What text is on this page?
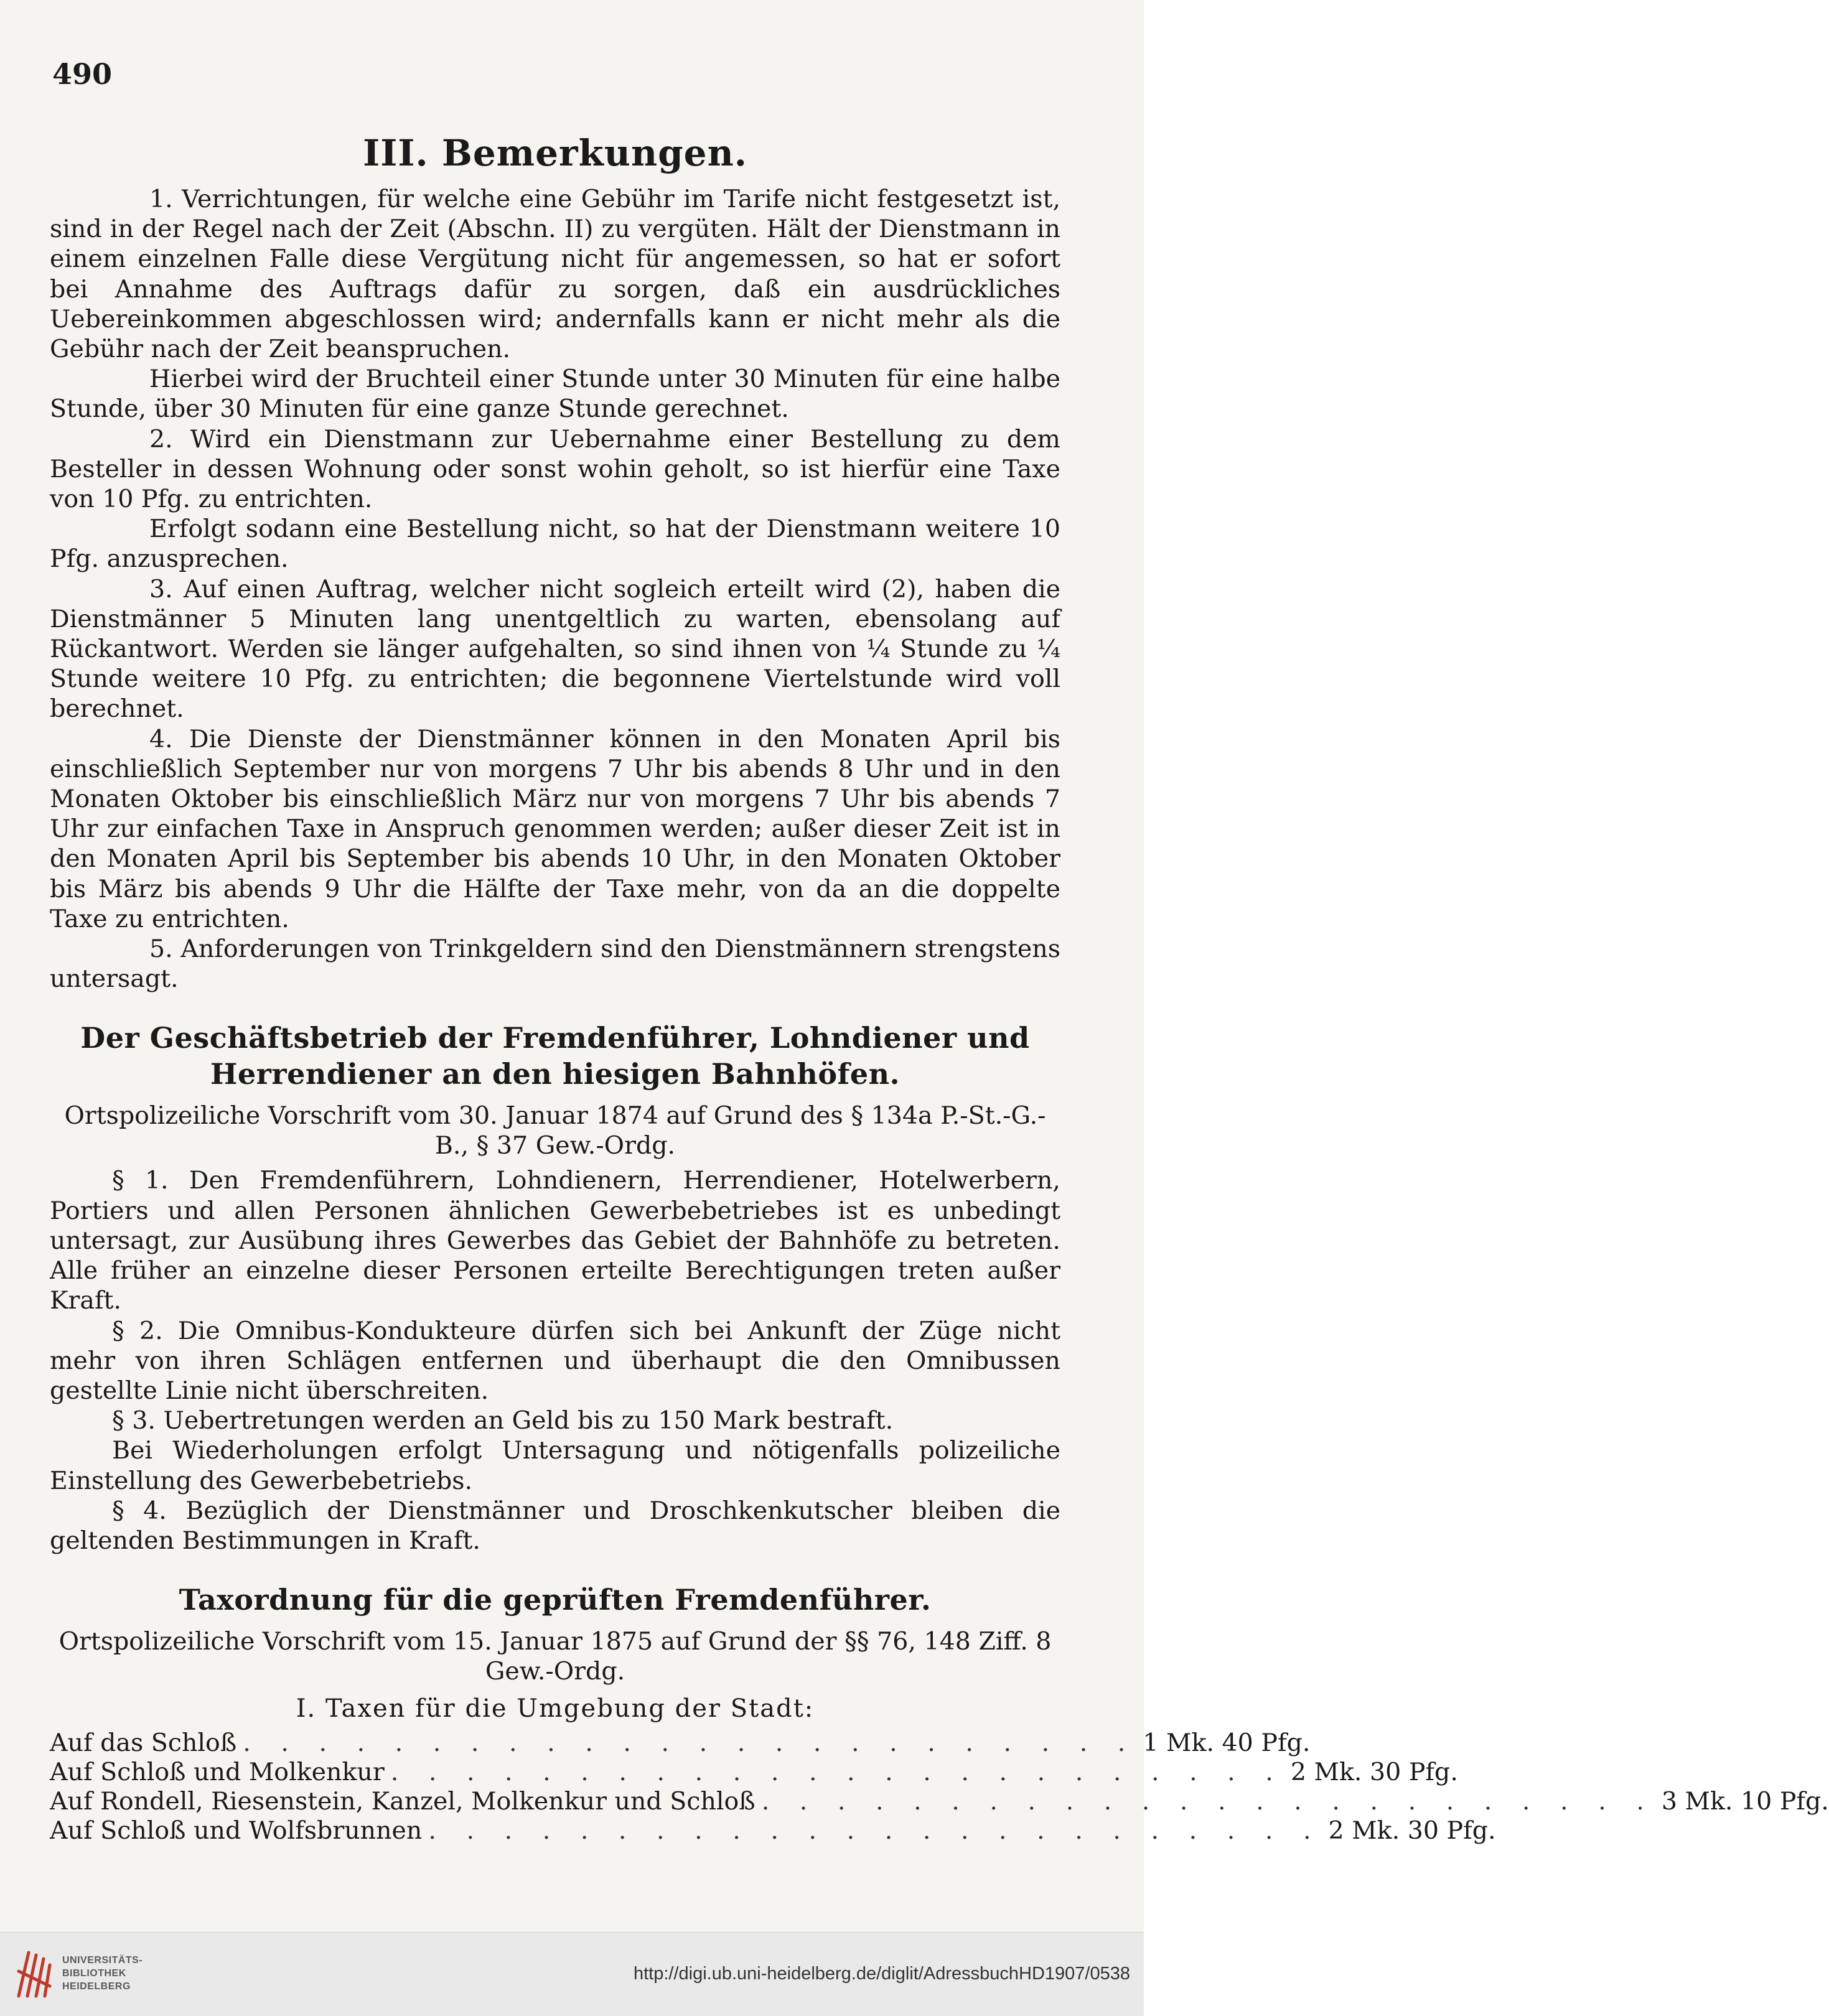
490
III. Bemerkungen.

1. Verrichtungen, für welche eine Gebühr im Tarife nicht festgesetzt ist, sind in der Regel nach der Zeit (Abschn. II) zu vergüten. Hält der Dienstmann in einem einzelnen Falle diese Vergütung nicht für angemessen, so hat er sofort bei Annahme des Auftrags dafür zu sorgen, daß ein ausdrückliches Uebereinkommen abgeschlossen wird; andernfalls kann er nicht mehr als die Gebühr nach der Zeit beanspruchen.

Hierbei wird der Bruchteil einer Stunde unter 30 Minuten für eine halbe Stunde, über 30 Minuten für eine ganze Stunde gerechnet.

2. Wird ein Dienstmann zur Uebernahme einer Bestellung zu dem Besteller in dessen Wohnung oder sonst wohin geholt, so ist hierfür eine Taxe von 10 Pfg. zu entrichten.

Erfolgt sodann eine Bestellung nicht, so hat der Dienstmann weitere 10 Pfg. anzusprechen.

3. Auf einen Auftrag, welcher nicht sogleich erteilt wird (2), haben die Dienstmänner 5 Minuten lang unentgeltlich zu warten, ebensolang auf Rückantwort. Werden sie länger aufgehalten, so sind ihnen von ¼ Stunde zu ¼ Stunde weitere 10 Pfg. zu entrichten; die begonnene Viertelstunde wird voll berechnet.

4. Die Dienste der Dienstmänner können in den Monaten April bis einschließlich September nur von morgens 7 Uhr bis abends 8 Uhr und in den Monaten Oktober bis einschließlich März nur von morgens 7 Uhr bis abends 7 Uhr zur einfachen Taxe in Anspruch genommen werden; außer dieser Zeit ist in den Monaten April bis September bis abends 10 Uhr, in den Monaten Oktober bis März bis abends 9 Uhr die Hälfte der Taxe mehr, von da an die doppelte Taxe zu entrichten.

5. Anforderungen von Trinkgeldern sind den Dienstmännern strengstens untersagt.

Der Geschäftsbetrieb der Fremdenführer, Lohndiener und
Herrendiener an den hiesigen Bahnhöfen.
Ortspolizeiliche Vorschrift vom 30. Januar 1874 auf Grund des § 134a P.-St.-G.-B., § 37 Gew.-Ordg.

§ 1. Den Fremdenführern, Lohndienern, Herrendiener, Hotelwerbern, Portiers und allen Personen ähnlichen Gewerbebetriebes ist es unbedingt untersagt, zur Ausübung ihres Gewerbes das Gebiet der Bahnhöfe zu betreten. Alle früher an einzelne dieser Personen erteilte Berechtigungen treten außer Kraft.

§ 2. Die Omnibus-Kondukteure dürfen sich bei Ankunft der Züge nicht mehr von ihren Schlägen entfernen und überhaupt die den Omnibussen gestellte Linie nicht überschreiten.

§ 3. Uebertretungen werden an Geld bis zu 150 Mark bestraft.

Bei Wiederholungen erfolgt Untersagung und nötigenfalls polizeiliche Einstellung des Gewerbebetriebs.

§ 4. Bezüglich der Dienstmänner und Droschkenkutscher bleiben die geltenden Bestimmungen in Kraft.

Taxordnung für die geprüften Fremdenführer.
Ortspolizeiliche Vorschrift vom 15. Januar 1875 auf Grund der §§ 76, 148 Ziff. 8 Gew.-Ordg.
I. Taxen für die Umgebung der Stadt:
Auf das Schloß . . . . . . . . . . . . . . . . . . . . . . . . 1 Mk. 40 Pfg.
Auf Schloß und Molkenkur . . . . . . . . . . . . . . . . . . . . . . . . 2 Mk. 30 Pfg.
Auf Rondell, Riesenstein, Kanzel, Molkenkur und Schloß . . . . . . . . . . . . . . . . . . . . . . . . 3 Mk. 10 Pfg.
Auf Schloß und Wolfsbrunnen . . . . . . . . . . . . . . . . . . . . . . . . 2 Mk. 30 Pfg.
UNIVERSITÄTS-
BIBLIOTHEK
HEIDELBERG
http://digi.ub.uni-heidelberg.de/diglit/AdressbuchHD1907/0538
